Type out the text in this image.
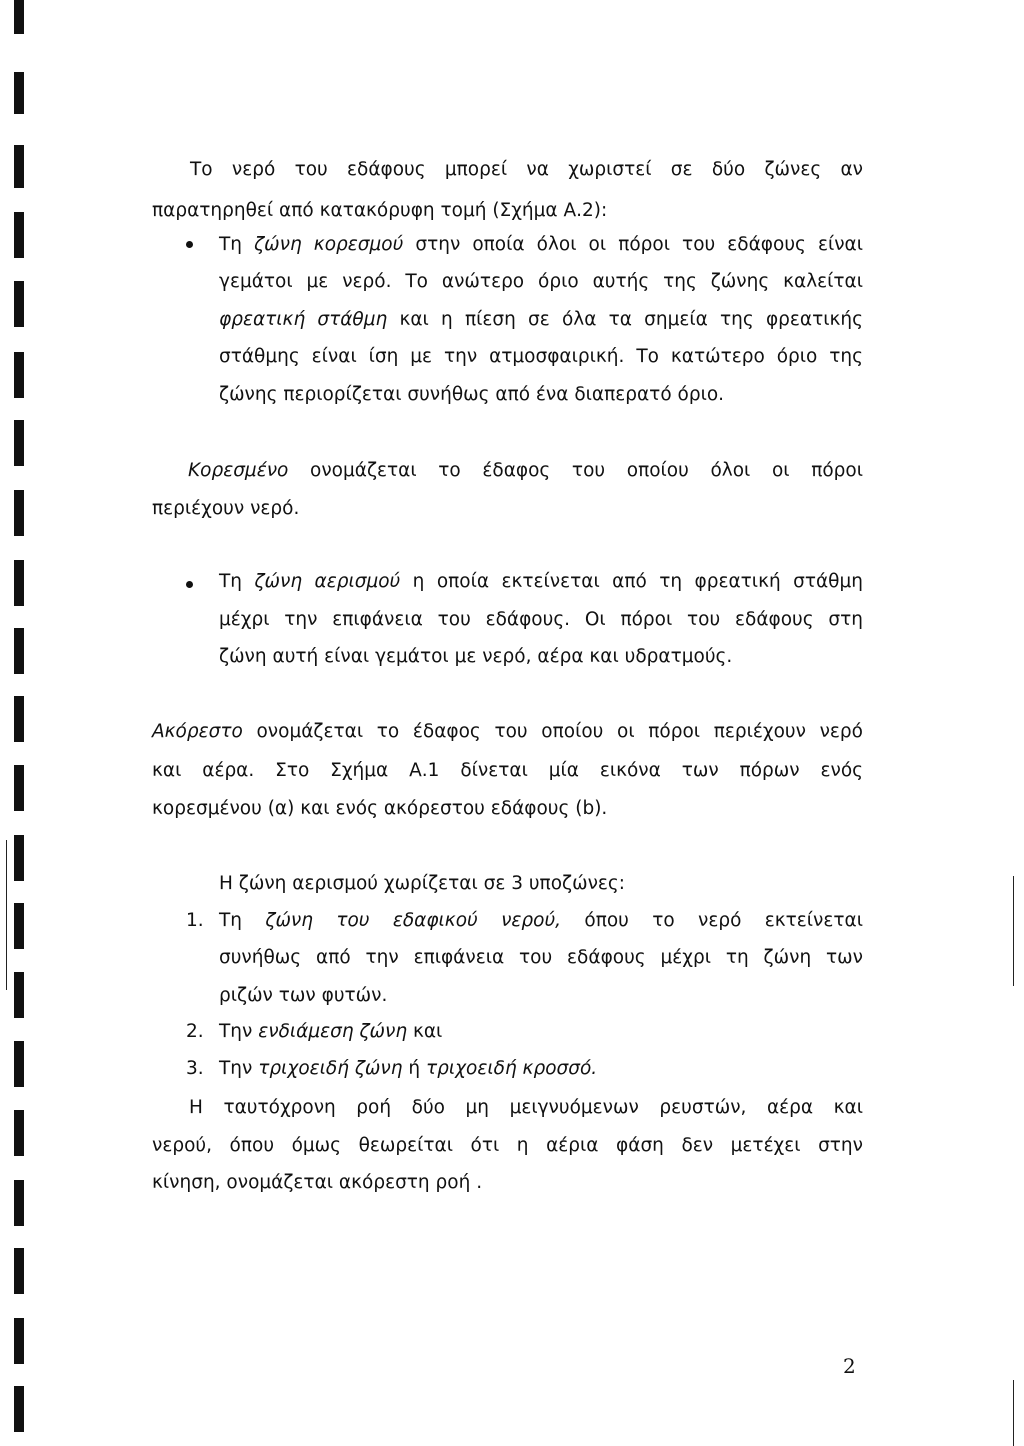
Το νερό του εδάφους μπορεί να χωριστεί σε δύο ζώνες αν
παρατηρηθεί από κατακόρυφη τομή (Σχήμα Α.2):
Τη ζώνη κορεσμού στην οποία όλοι οι πόροι του εδάφους είναι
γεμάτοι με νερό. Το ανώτερο όριο αυτής της ζώνης καλείται
φρεατική στάθμη και η πίεση σε όλα τα σημεία της φρεατικής
στάθμης είναι ίση με την ατμοσφαιρική. Το κατώτερο όριο της
ζώνης περιορίζεται συνήθως από ένα διαπερατό όριο.
Κορεσμένο ονομάζεται το έδαφος του οποίου όλοι οι πόροι
περιέχουν νερό.
Τη ζώνη αερισμού η οποία εκτείνεται από τη φρεατική στάθμη
μέχρι την επιφάνεια του εδάφους. Οι πόροι του εδάφους στη
ζώνη αυτή είναι γεμάτοι με νερό, αέρα και υδρατμούς.
Ακόρεστο ονομάζεται το έδαφος του οποίου οι πόροι περιέχουν νερό
και αέρα. Στο Σχήμα Α.1 δίνεται μία εικόνα των πόρων ενός
κορεσμένου (α) και ενός ακόρεστου εδάφους (b).
Η ζώνη αερισμού χωρίζεται σε 3 υποζώνες:
1. Τη ζώνη του εδαφικού νερού, όπου το νερό εκτείνεται
συνήθως από την επιφάνεια του εδάφους μέχρι τη ζώνη των
ριζών των φυτών.
2. Την ενδιάμεση ζώνη και
3. Την τριχοειδή ζώνη ή τριχοειδή κροσσό.
Η ταυτόχρονη ροή δύο μη μειγνυόμενων ρευστών, αέρα και
νερού, όπου όμως θεωρείται ότι η αέρια φάση δεν μετέχει στην
κίνηση, ονομάζεται ακόρεστη ροή .
2
